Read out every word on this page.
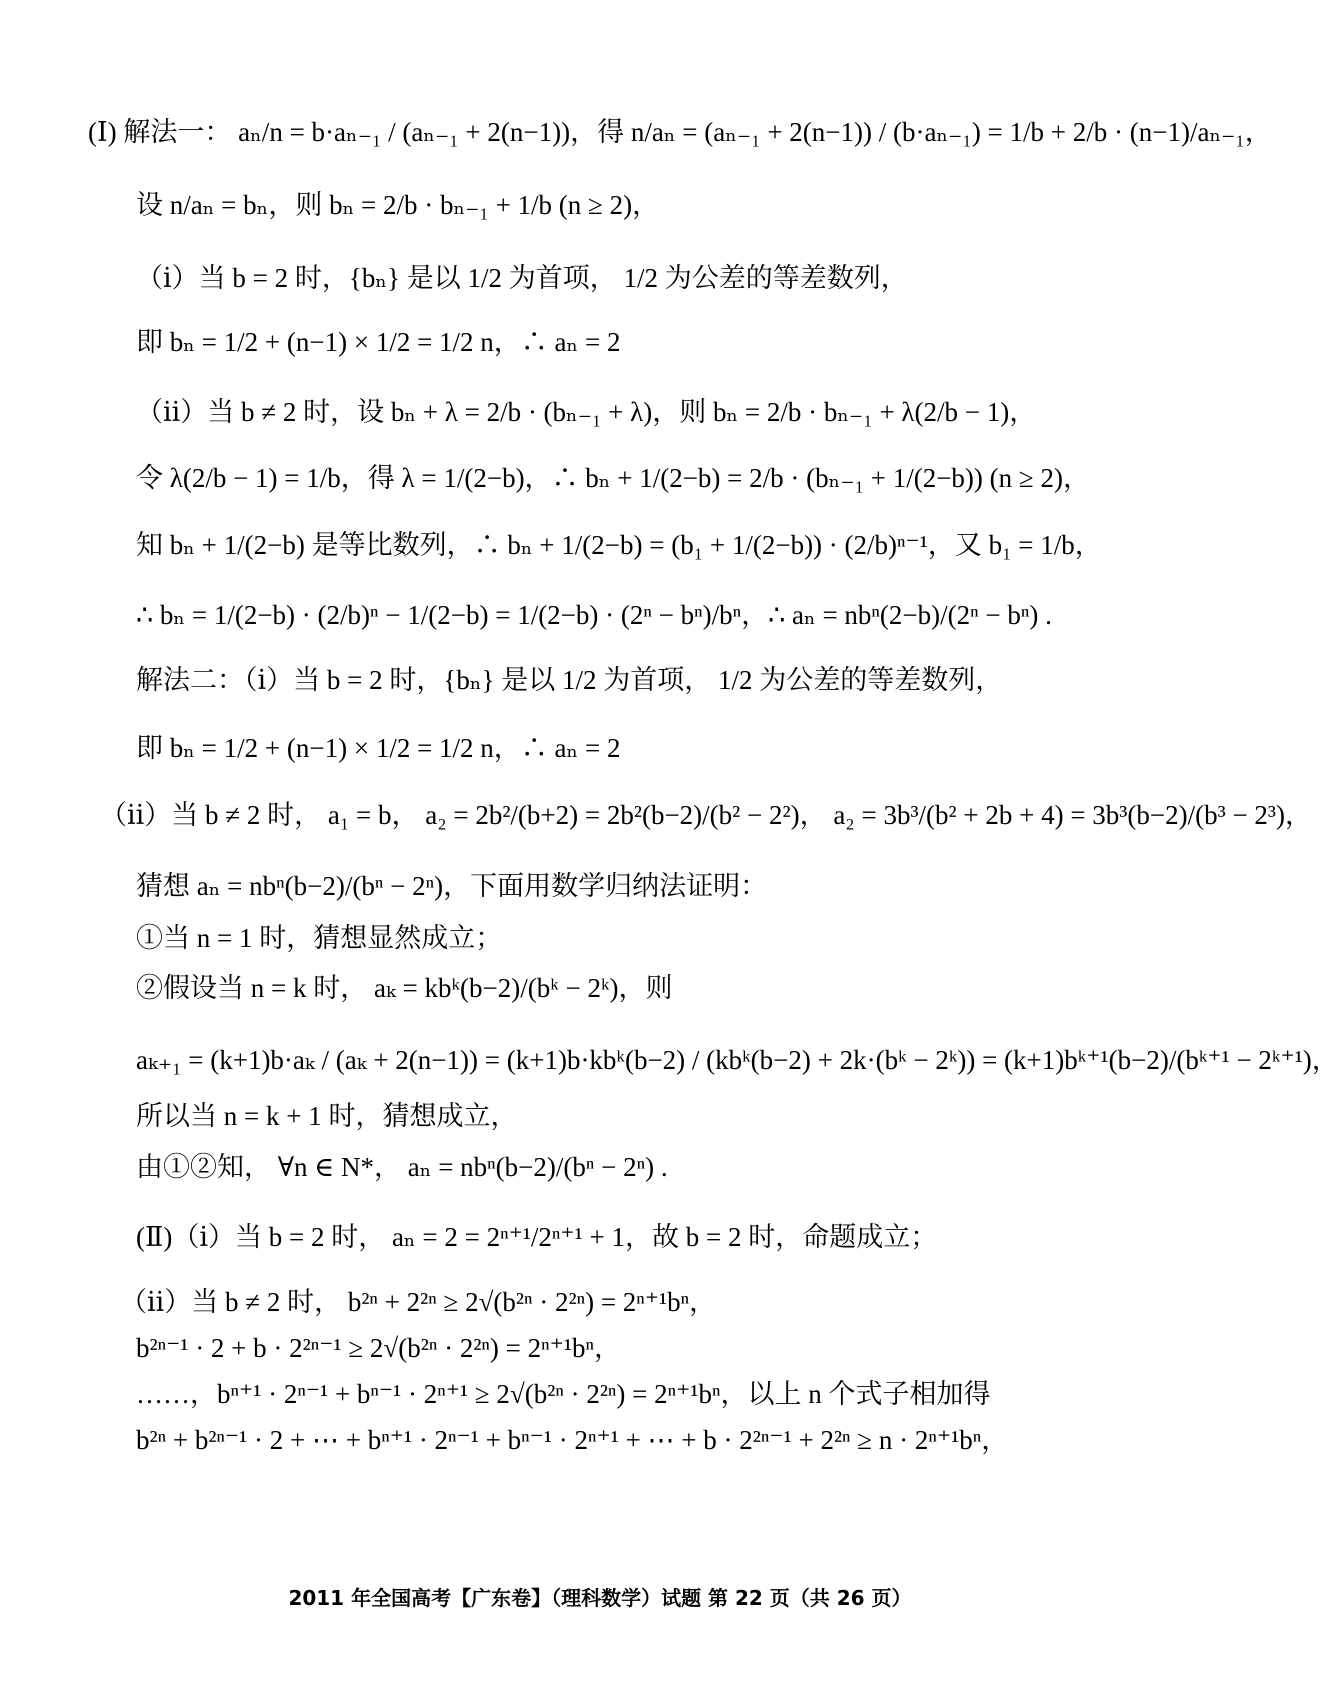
(Ⅰ) 解法一： aₙ/n = b·aₙ₋₁ / (aₙ₋₁ + 2(n−1))，得 n/aₙ = (aₙ₋₁ + 2(n−1)) / (b·aₙ₋₁) = 1/b + 2/b · (n−1)/aₙ₋₁，
设 n/aₙ = bₙ，则 bₙ = 2/b · bₙ₋₁ + 1/b (n ≥ 2)，
（ⅰ）当 b = 2 时，{bₙ} 是以 1/2 为首项， 1/2 为公差的等差数列，
即 bₙ = 1/2 + (n−1) × 1/2 = 1/2 n，∴ aₙ = 2
（ⅱ）当 b ≠ 2 时，设 bₙ + λ = 2/b · (bₙ₋₁ + λ)，则 bₙ = 2/b · bₙ₋₁ + λ(2/b − 1)，
令 λ(2/b − 1) = 1/b，得 λ = 1/(2−b)，∴ bₙ + 1/(2−b) = 2/b · (bₙ₋₁ + 1/(2−b)) (n ≥ 2)，
知 bₙ + 1/(2−b) 是等比数列，∴ bₙ + 1/(2−b) = (b₁ + 1/(2−b)) · (2/b)ⁿ⁻¹，又 b₁ = 1/b，
∴ bₙ = 1/(2−b) · (2/b)ⁿ − 1/(2−b) = 1/(2−b) · (2ⁿ − bⁿ)/bⁿ，∴ aₙ = nbⁿ(2−b)/(2ⁿ − bⁿ) .
解法二：（ⅰ）当 b = 2 时，{bₙ} 是以 1/2 为首项， 1/2 为公差的等差数列，
即 bₙ = 1/2 + (n−1) × 1/2 = 1/2 n，∴ aₙ = 2
（ⅱ）当 b ≠ 2 时， a₁ = b， a₂ = 2b²/(b+2) = 2b²(b−2)/(b² − 2²)， a₂ = 3b³/(b² + 2b + 4) = 3b³(b−2)/(b³ − 2³)，
猜想 aₙ = nbⁿ(b−2)/(bⁿ − 2ⁿ)，下面用数学归纳法证明：
①当 n = 1 时，猜想显然成立；
②假设当 n = k 时， aₖ = kbᵏ(b−2)/(bᵏ − 2ᵏ)，则
aₖ₊₁ = (k+1)b·aₖ / (aₖ + 2(n−1)) = (k+1)b·kbᵏ(b−2) / (kbᵏ(b−2) + 2k·(bᵏ − 2ᵏ)) = (k+1)bᵏ⁺¹(b−2)/(bᵏ⁺¹ − 2ᵏ⁺¹)，
所以当 n = k + 1 时，猜想成立，
由①②知， ∀n ∈ N*， aₙ = nbⁿ(b−2)/(bⁿ − 2ⁿ) .
(Ⅱ)（ⅰ）当 b = 2 时， aₙ = 2 = 2ⁿ⁺¹/2ⁿ⁺¹ + 1，故 b = 2 时，命题成立；
（ⅱ）当 b ≠ 2 时， b²ⁿ + 2²ⁿ ≥ 2√(b²ⁿ · 2²ⁿ) = 2ⁿ⁺¹bⁿ，
b²ⁿ⁻¹ · 2 + b · 2²ⁿ⁻¹ ≥ 2√(b²ⁿ · 2²ⁿ) = 2ⁿ⁺¹bⁿ，
……，bⁿ⁺¹ · 2ⁿ⁻¹ + bⁿ⁻¹ · 2ⁿ⁺¹ ≥ 2√(b²ⁿ · 2²ⁿ) = 2ⁿ⁺¹bⁿ，以上 n 个式子相加得
b²ⁿ + b²ⁿ⁻¹ · 2 + ⋯ + bⁿ⁺¹ · 2ⁿ⁻¹ + bⁿ⁻¹ · 2ⁿ⁺¹ + ⋯ + b · 2²ⁿ⁻¹ + 2²ⁿ ≥ n · 2ⁿ⁺¹bⁿ，
2011 年全国高考【广东卷】（理科数学）试题 第 22 页（共 26 页）
